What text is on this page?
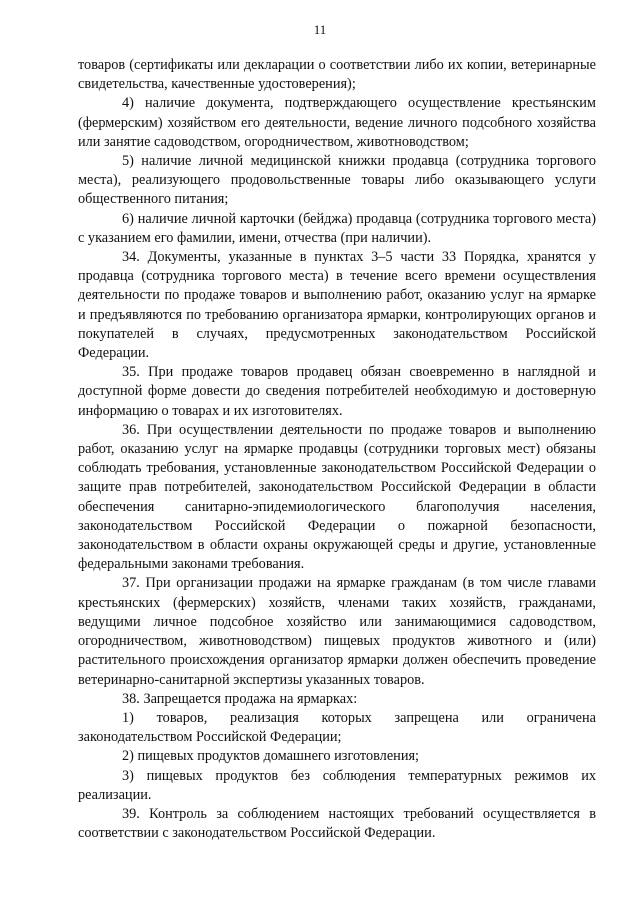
11

товаров (сертификаты или декларации о соответствии либо их копии, ветеринарные свидетельства, качественные удостоверения);

4) наличие документа, подтверждающего осуществление крестьянским (фермерским) хозяйством его деятельности, ведение личного подсобного хозяйства или занятие садоводством, огородничеством, животноводством;

5) наличие личной медицинской книжки продавца (сотрудника торгового места), реализующего продовольственные товары либо оказывающего услуги общественного питания;

6) наличие личной карточки (бейджа) продавца (сотрудника торгового места) с указанием его фамилии, имени, отчества (при наличии).

34. Документы, указанные в пунктах 3–5 части 33 Порядка, хранятся у продавца (сотрудника торгового места) в течение всего времени осуществления деятельности по продаже товаров и выполнению работ, оказанию услуг на ярмарке и предъявляются по требованию организатора ярмарки, контролирующих органов и покупателей в случаях, предусмотренных законодательством Российской Федерации.

35. При продаже товаров продавец обязан своевременно в наглядной и доступной форме довести до сведения потребителей необходимую и достоверную информацию о товарах и их изготовителях.

36. При осуществлении деятельности по продаже товаров и выполнению работ, оказанию услуг на ярмарке продавцы (сотрудники торговых мест) обязаны соблюдать требования, установленные законодательством Российской Федерации о защите прав потребителей, законодательством Российской Федерации в области обеспечения санитарно-эпидемиологического благополучия населения, законодательством Российской Федерации о пожарной безопасности, законодательством в области охраны окружающей среды и другие, установленные федеральными законами требования.

37. При организации продажи на ярмарке гражданам (в том числе главами крестьянских (фермерских) хозяйств, членами таких хозяйств, гражданами, ведущими личное подсобное хозяйство или занимающимися садоводством, огородничеством, животноводством) пищевых продуктов животного и (или) растительного происхождения организатор ярмарки должен обеспечить проведение ветеринарно-санитарной экспертизы указанных товаров.

38. Запрещается продажа на ярмарках:

1) товаров, реализация которых запрещена или ограничена законодательством Российской Федерации;

2) пищевых продуктов домашнего изготовления;

3) пищевых продуктов без соблюдения температурных режимов их реализации.

39. Контроль за соблюдением настоящих требований осуществляется в соответствии с законодательством Российской Федерации.
